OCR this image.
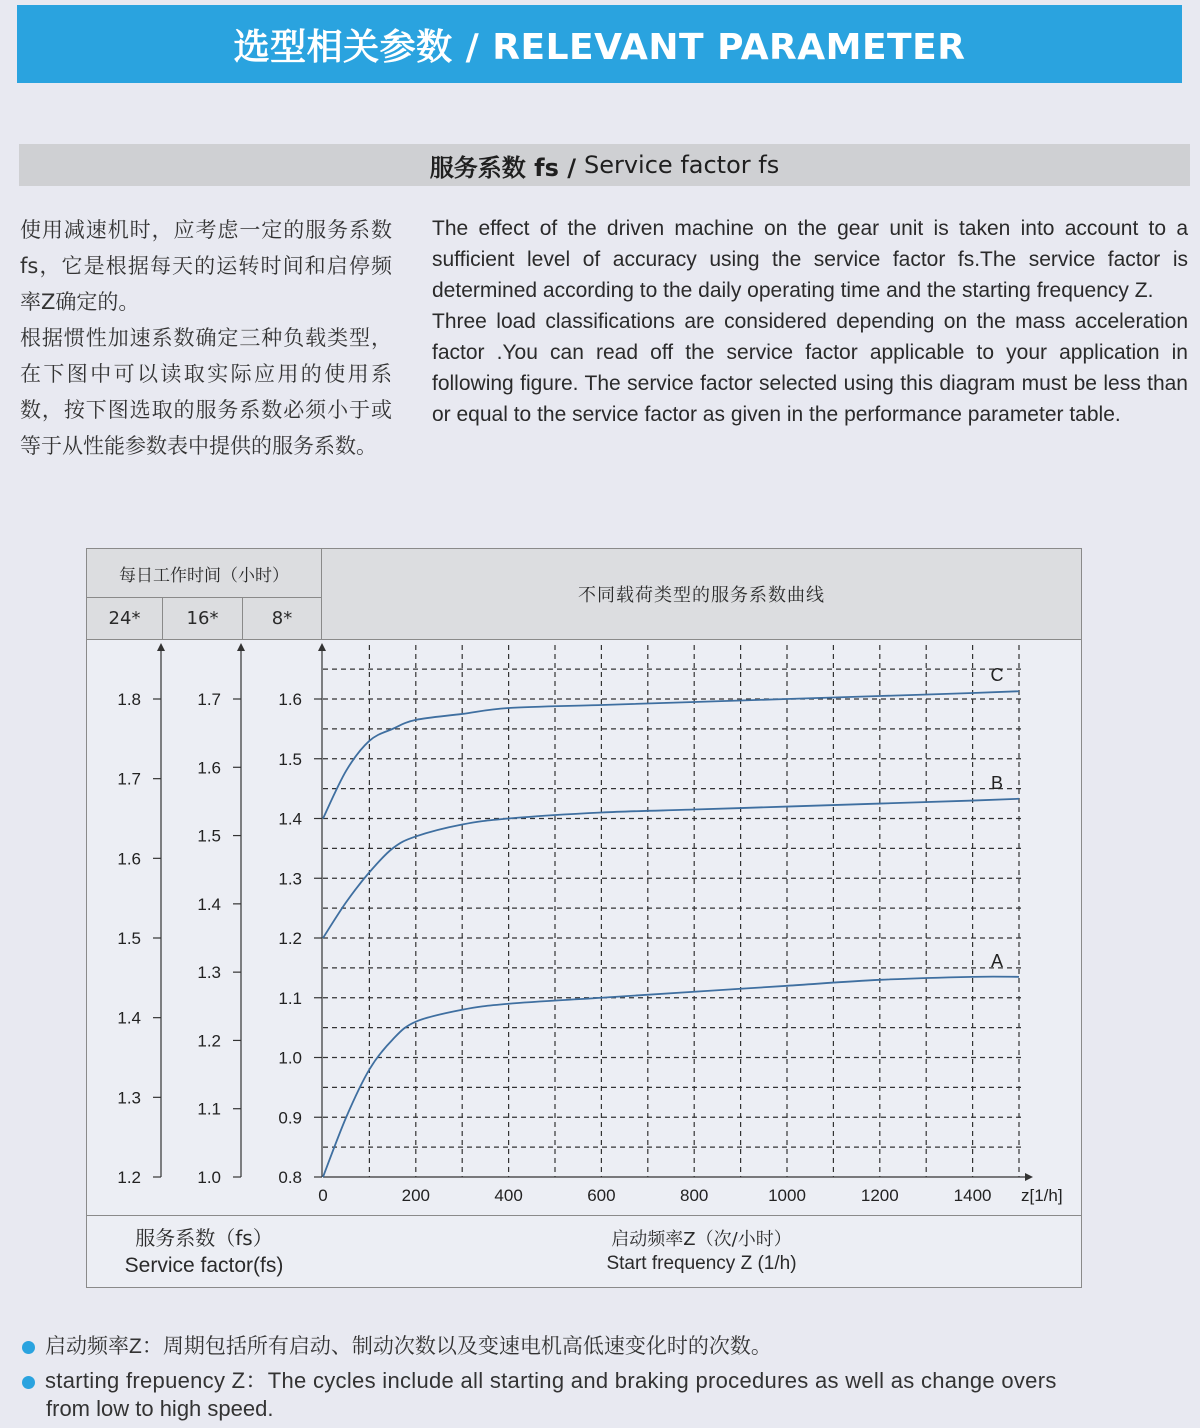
选型相关参数 / RELEVANT PARAMETER
服务系数 fs / Service factor fs

使用减速机时，应考虑一定的服务系数fs，它是根据每天的运转时间和启停频率Z确定的。

根据惯性加速系数确定三种负载类型，在下图中可以读取实际应用的使用系数，按下图选取的服务系数必须小于或等于从性能参数表中提供的服务系数。

The effect of the driven machine on the gear unit is taken into account to a sufficient level of accuracy using the service factor fs.The service factor is determined according to the daily operating time and the starting frequency Z.

Three load classifications are considered depending on the mass acceleration factor .You can read off the service factor applicable to your application in following figure. The service factor selected using this diagram must be less than or equal to the service factor as given in the performance parameter table.

每日工作时间（小时）
24*	16*	8*
不同载荷类型的服务系数曲线
1.8
1.7
1.6
1.5
1.4
1.3
1.2
1.7
1.6
1.5
1.4
1.3
1.2
1.1
1.0
1.6
1.5
1.4
1.3
1.2
1.1
1.0
0.9
0.8
0	200	400	600	800	1000	1200	1400 z[1/h]
A
B
C
服务系数（fs）
Service factor(fs)
启动频率Z（次/小时）
Start frequency Z (1/h)
启动频率Z：周期包括所有启动、制动次数以及变速电机高低速变化时的次数。
starting frepuency Z：The cycles include all starting and braking procedures as well as change overs
from low to high speed.
